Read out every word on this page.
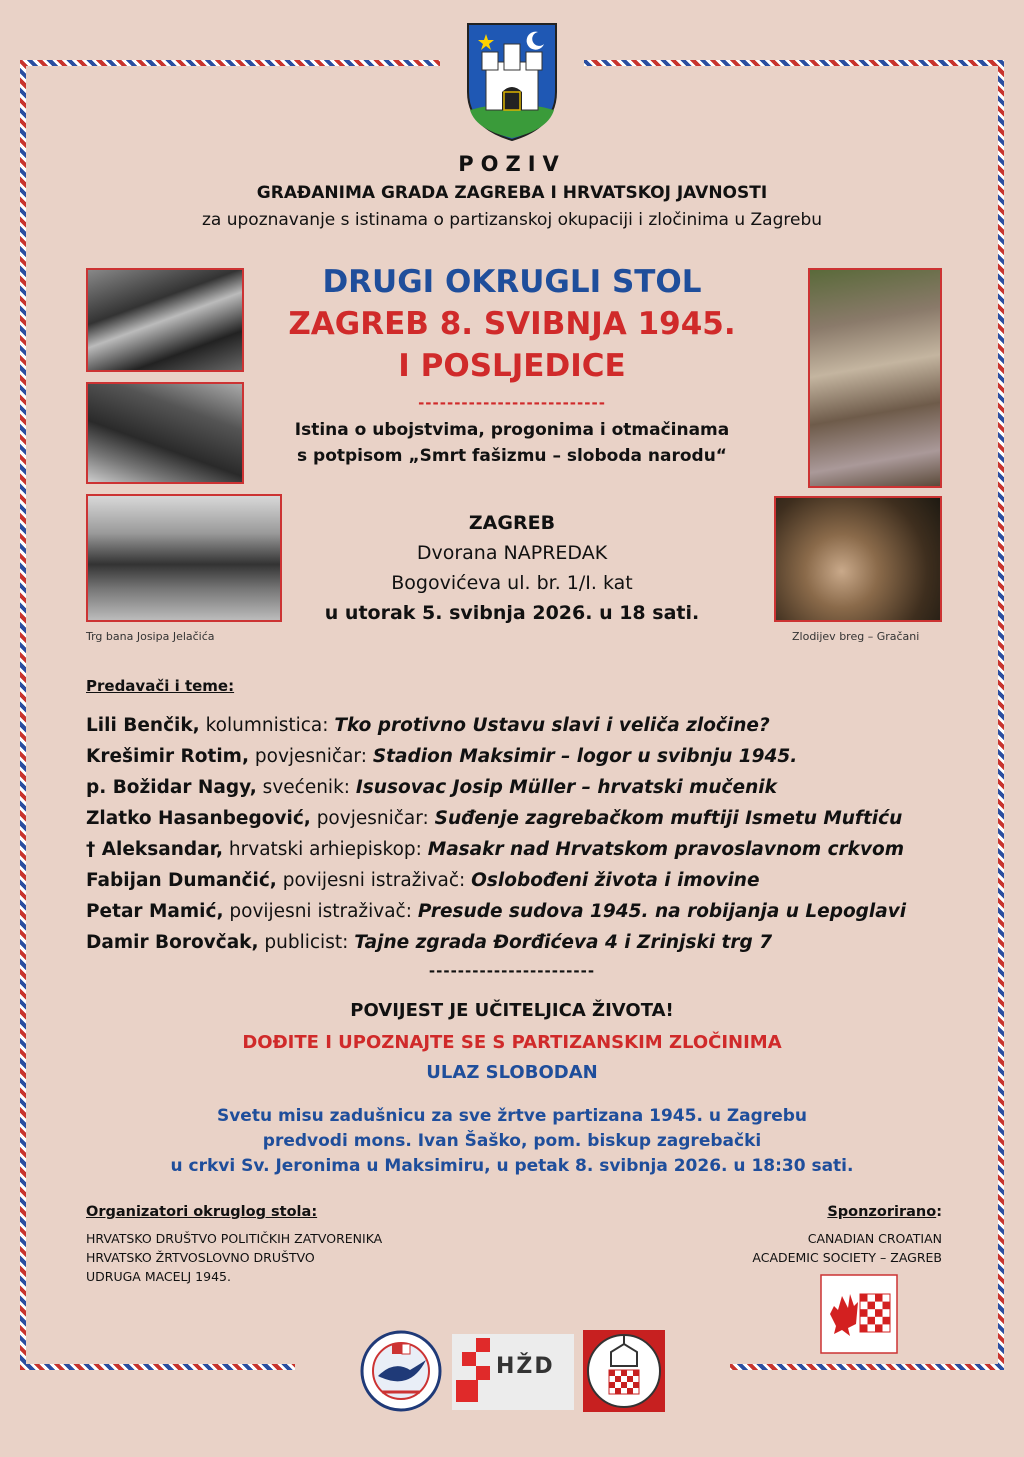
POZIV
GRAĐANIMA GRADA ZAGREBA I HRVATSKOJ JAVNOSTI
za upoznavanje s istinama o partizanskoj okupaciji i zločinima u Zagrebu
DRUGI OKRUGLI STOL
ZAGREB 8. SVIBNJA 1945.
I POSLJEDICE
--------------------------
Istina o ubojstvima, progonima i otmačinama
s potpisom „Smrt fašizmu – sloboda narodu“
ZAGREB
Dvorana NAPREDAK
Bogovićeva ul. br. 1/I. kat
u utorak 5. svibnja 2026. u 18 sati.
Trg bana Josipa Jelačića	Zlodijev breg – Gračani
Predavači i teme:
Lili Benčik, kolumnistica: Tko protivno Ustavu slavi i veliča zločine?
Krešimir Rotim, povjesničar: Stadion Maksimir – logor u svibnju 1945.
p. Božidar Nagy, svećenik: Isusovac Josip Müller – hrvatski mučenik
Zlatko Hasanbegović, povjesničar: Suđenje zagrebačkom muftiji Ismetu Muftiću
† Aleksandar, hrvatski arhiepiskop: Masakr nad Hrvatskom pravoslavnom crkvom
Fabijan Dumančić, povijesni istraživač: Oslobođeni života i imovine
Petar Mamić, povijesni istraživač: Presude sudova 1945. na robijanja u Lepoglavi
Damir Borovčak, publicist: Tajne zgrada Đorđićeva 4 i Zrinjski trg 7
-----------------------
POVIJEST JE UČITELJICA ŽIVOTA!
DOĐITE I UPOZNAJTE SE S PARTIZANSKIM ZLOČINIMA
ULAZ SLOBODAN
Svetu misu zadušnicu za sve žrtve partizana 1945. u Zagrebu
predvodi mons. Ivan Šaško, pom. biskup zagrebački
u crkvi Sv. Jeronima u Maksimiru, u petak 8. svibnja 2026. u 18:30 sati.
Organizatori okruglog stola:
HRVATSKO DRUŠTVO POLITIČKIH ZATVORENIKA
HRVATSKO ŽRTVOSLOVNO DRUŠTVO
UDRUGA MACELJ 1945.
Sponzorirano:
CANADIAN CROATIAN
ACADEMIC SOCIETY – ZAGREB
HŽD
